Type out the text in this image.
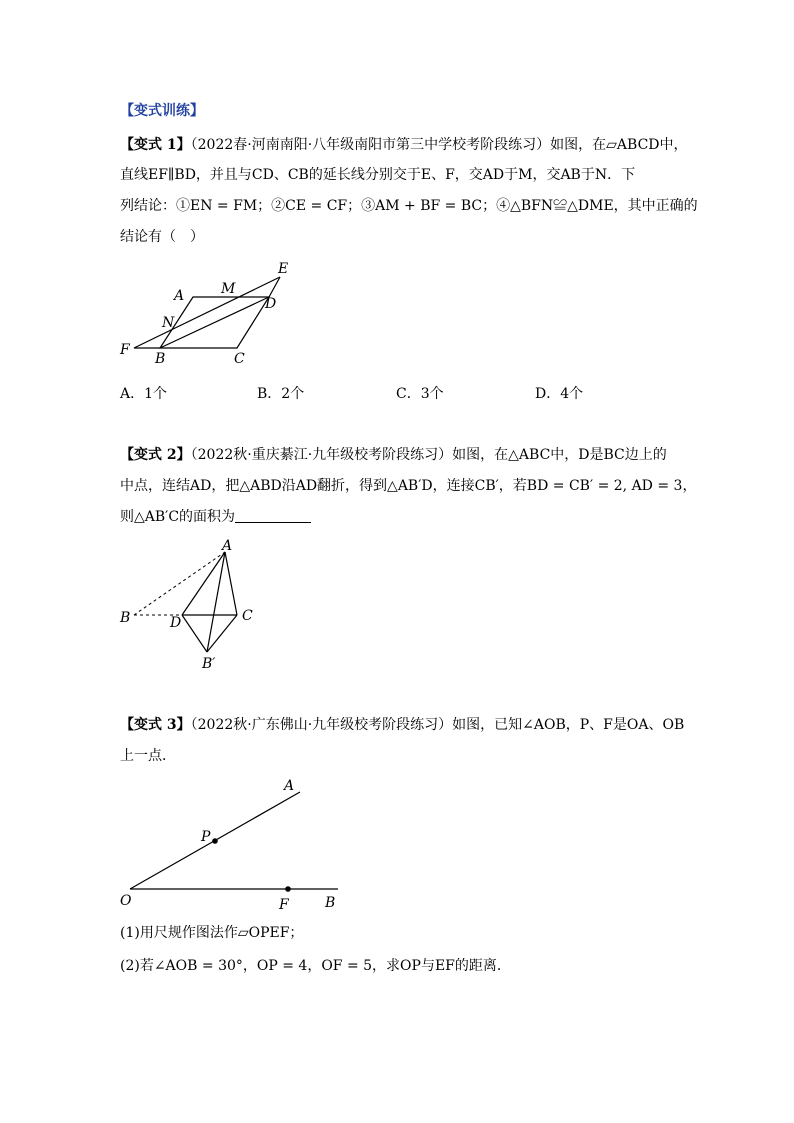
【变式训练】
【变式 1】（2022春·河南南阳·八年级南阳市第三中学校考阶段练习）如图，在▱ABCD中，
直线EF∥BD，并且与CD、CB的延长线分别交于E、F，交AD于M，交AB于N．下
列结论：①EN = FM；②CE = CF；③AM + BF = BC；④△BFN≌△DME，其中正确的
结论有（　）
A	M
E
N
D
F
B	C
A．1个	B．2个	C．3个	D．4个
【变式 2】（2022秋·重庆綦江·九年级校考阶段练习）如图，在△ABC中，D是BC边上的
中点，连结AD，把△ABD沿AD翻折，得到△AB′D，连接CB′，若BD = CB′ = 2, AD = 3，
则△AB′C的面积为
A
B	D	C
B′
【变式 3】（2022秋·广东佛山·九年级校考阶段练习）如图，已知∠AOB，P、F是OA、OB
上一点．
A
P
O	F	B
(1)用尺规作图法作▱OPEF；
(2)若∠AOB = 30°，OP = 4，OF = 5，求OP与EF的距离．
